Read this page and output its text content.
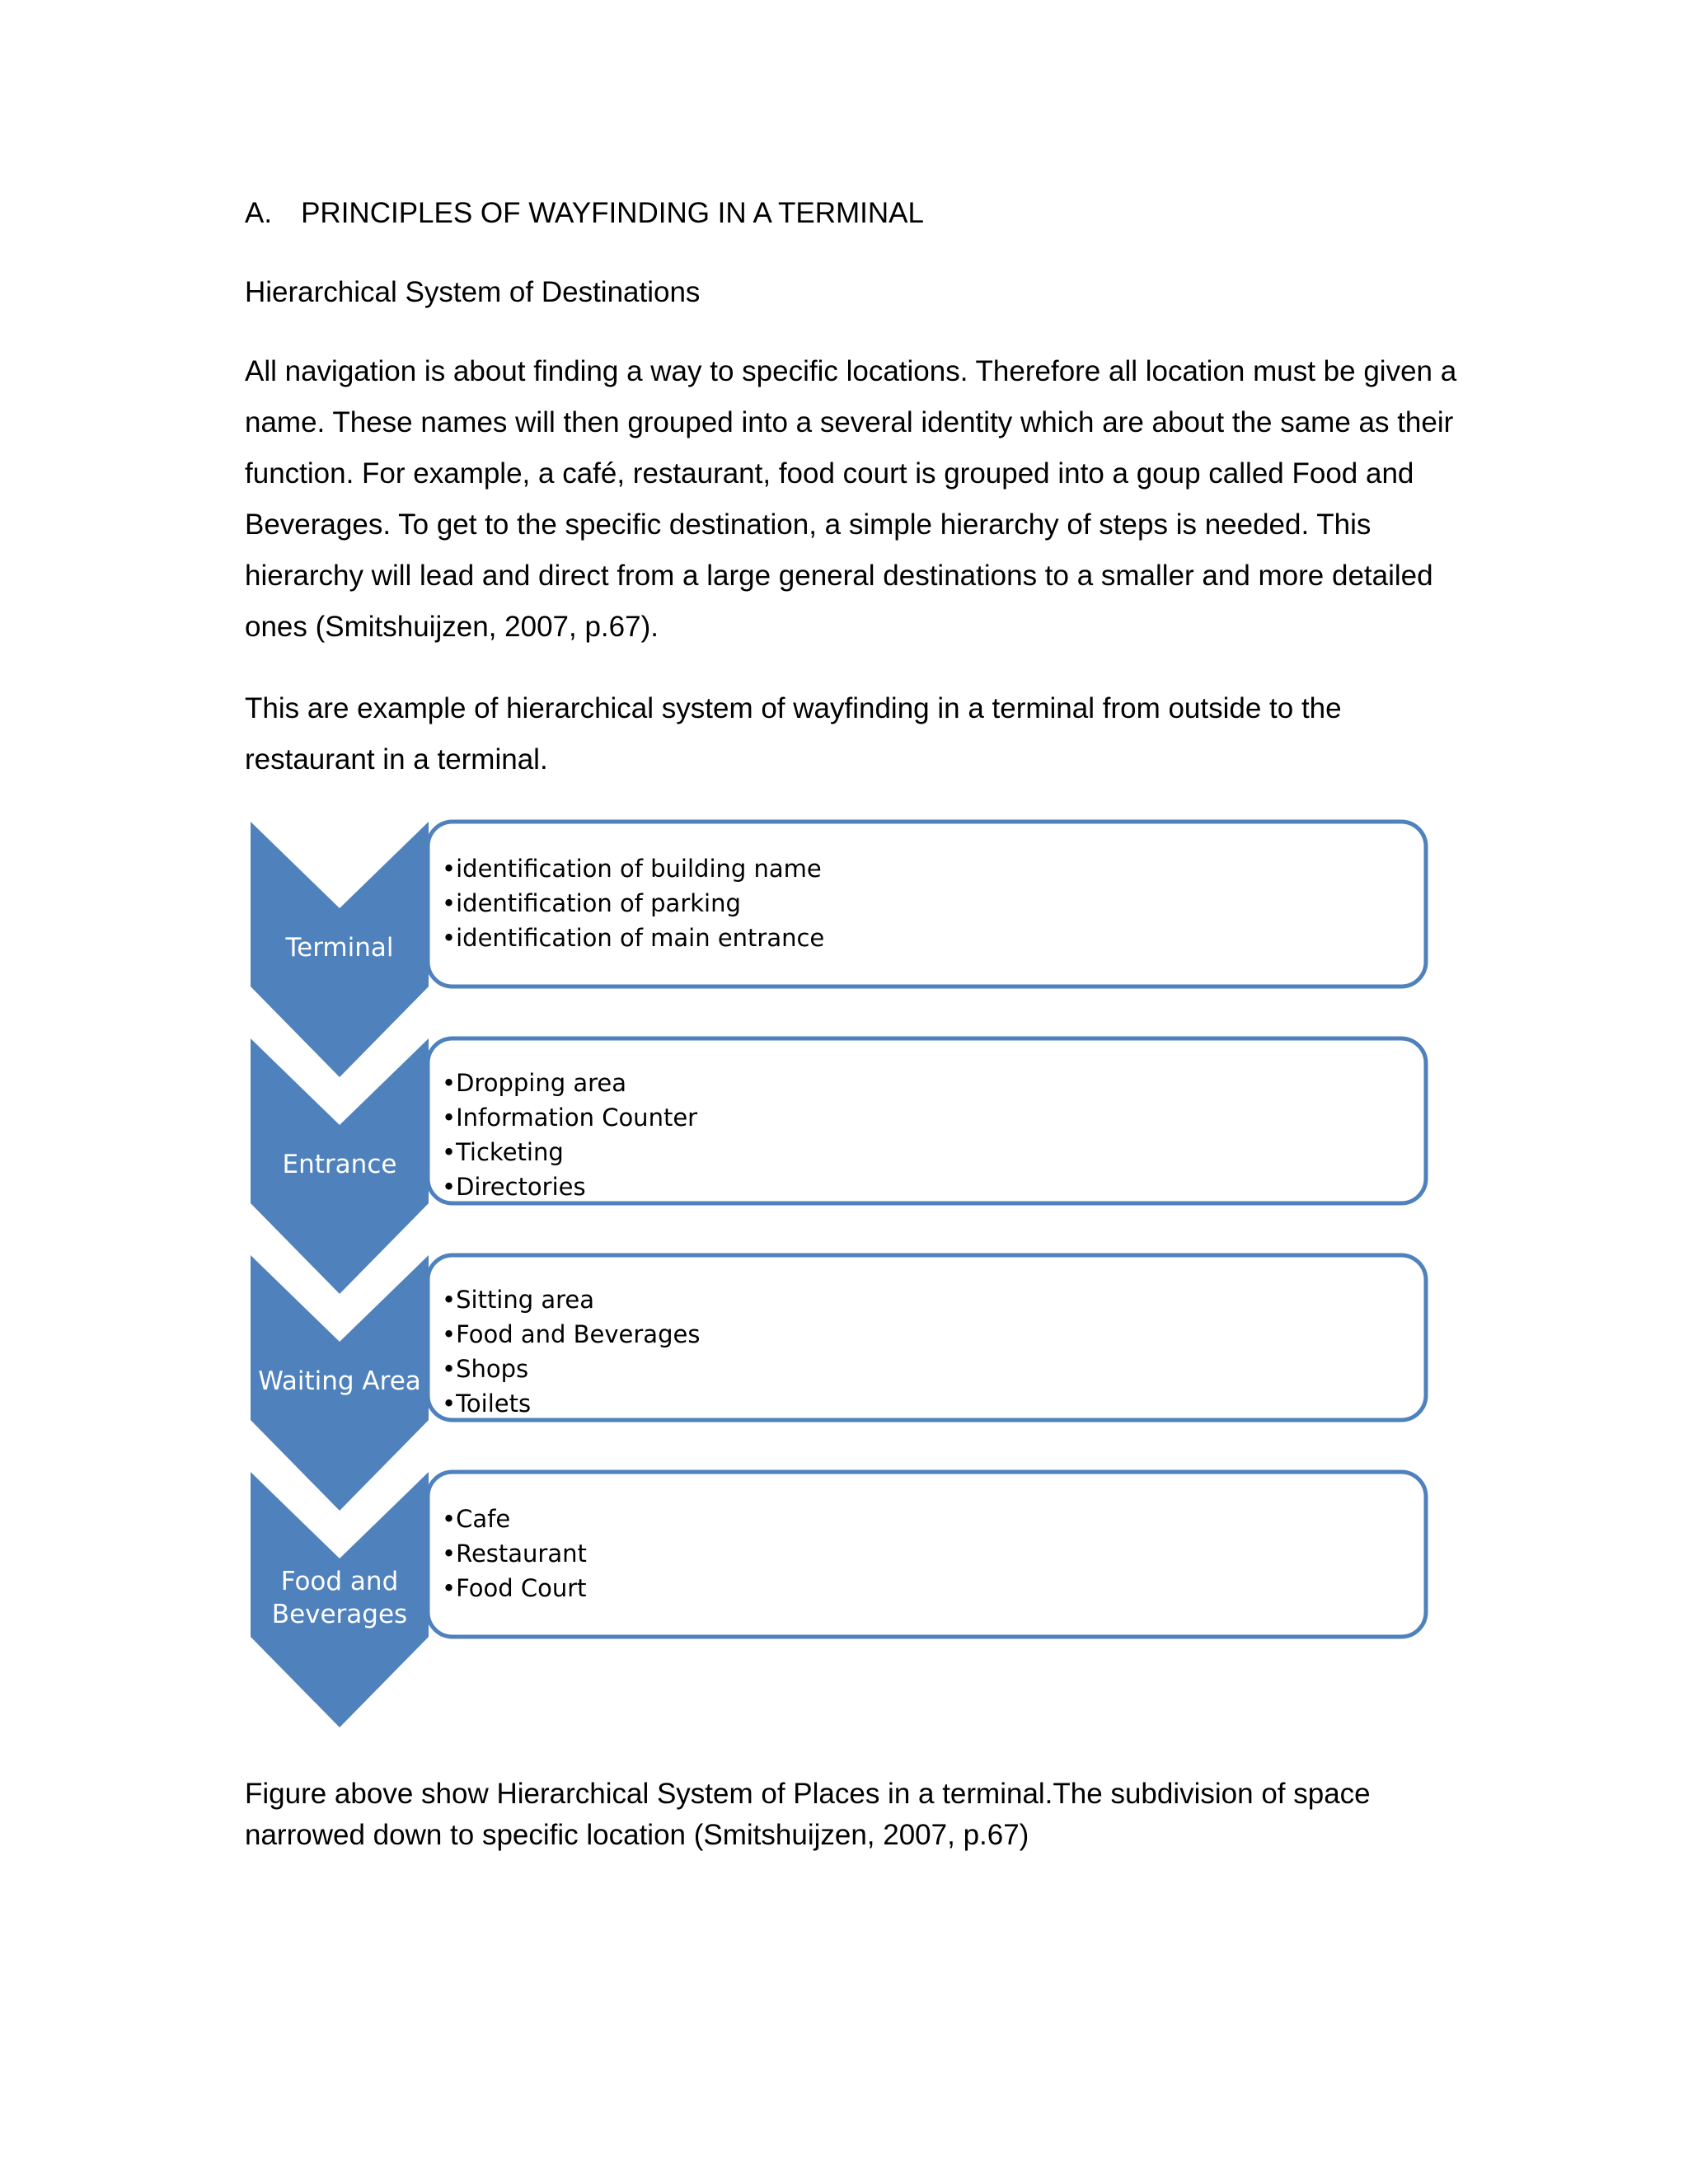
A. PRINCIPLES OF WAYFINDING IN A TERMINAL
Hierarchical System of Destinations
All navigation is about finding a way to specific locations. Therefore all location must be given a name. These names will then grouped into a several identity which are about the same as their function. For example, a café, restaurant, food court is grouped into a goup called Food and Beverages. To get to the specific destination, a simple hierarchy of steps is needed. This hierarchy will lead and direct from a large general destinations to a smaller and more detailed ones (Smitshuijzen, 2007, p.67).
This are example of hierarchical system of wayfinding in a terminal from outside to the restaurant in a terminal.
Terminal
•identification of building name
•identification of parking
•identification of main entrance
Entrance
•Dropping area
•Information Counter
•Ticketing
•Directories
Waiting Area
•Sitting area
•Food and Beverages
•Shops
•Toilets
Food and
Beverages
•Cafe
•Restaurant
•Food Court
Figure above show Hierarchical System of Places in a terminal.The subdivision of space narrowed down to specific location (Smitshuijzen, 2007, p.67)
